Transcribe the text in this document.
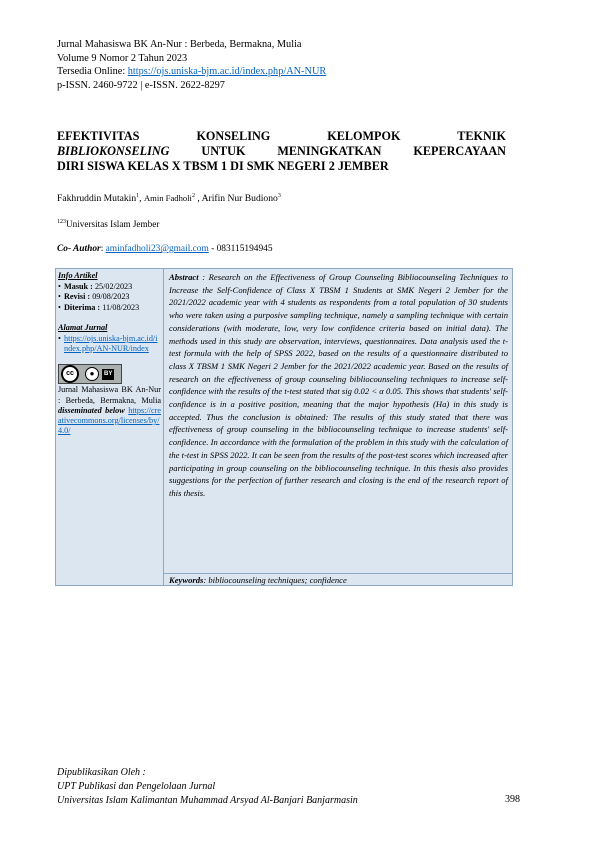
Jurnal Mahasiswa BK An-Nur : Berbeda, Bermakna, Mulia
Volume 9 Nomor 2 Tahun 2023
Tersedia Online: https://ojs.uniska-bjm.ac.id/index.php/AN-NUR
p-ISSN. 2460-9722 | e-ISSN. 2622-8297
EFEKTIVITAS KONSELING KELOMPOK TEKNIK
BIBLIOKONSELING UNTUK MENINGKATKAN KEPERCAYAAN
DIRI SISWA KELAS X TBSM 1 DI SMK NEGERI 2 JEMBER
Fakhruddin Mutakin$^1$, Amin Fadholi$^2$ , Arifin Nur Budiono$^3$
$^{123}$Universitas Islam Jember
Co- Author: aminfadholi23@gmail.com - 083115194945
Info Artikel
• Masuk : 25/02/2023
• Revisi : 09/08/2023
• Diterima : 11/08/2023
Alamat Jurnal
• https://ojs.uniska-bjm.ac.id/index.php/AN-NUR/index
cc	●	BY
Jurnal Mahasiswa BK An-Nur : Berbeda, Bermakna, Mulia disseminated below https://creativecommons.org/licenses/by/4.0/
Abstract : Research on the Effectiveness of Group Counseling Bibliocounseling Techniques to Increase the Self-Confidence of Class X TBSM 1 Students at SMK Negeri 2 Jember for the 2021/2022 academic year with 4 students as respondents from a total population of 30 students who were taken using a purposive sampling technique, namely a sampling technique with certain considerations (with moderate, low, very low confidence criteria based on initial data). The methods used in this study are observation, interviews, questionnaires. Data analysis used the t-test formula with the help of SPSS 2022, based on the results of a questionnaire distributed to class X TBSM 1 SMK Negeri 2 Jember for the 2021/2022 academic year. Based on the results of research on the effectiveness of group counseling bibliocounseling techniques to increase self-confidence with the results of the t-test stated that sig 0.02 < α 0.05. This shows that students' self-confidence is in a positive position, meaning that the major hypothesis (Ha) in this study is accepted. Thus the conclusion is obtained: The results of this study stated that there was effectiveness of group counseling in the bibliocounseling technique to increase students' self-confidence. In accordance with the formulation of the problem in this study with the calculation of the t-test in SPSS 2022. It can be seen from the results of the post-test scores which increased after participating in group counseling on the bibliocounseling technique. In this thesis also provides suggestions for the perfection of further research and closing is the end of the research report of this thesis.
Keywords: bibliocounseling techniques; confidence
Dipublikasikan Oleh :
UPT Publikasi dan Pengelolaan Jurnal
Universitas Islam Kalimantan Muhammad Arsyad Al-Banjari Banjarmasin	398
